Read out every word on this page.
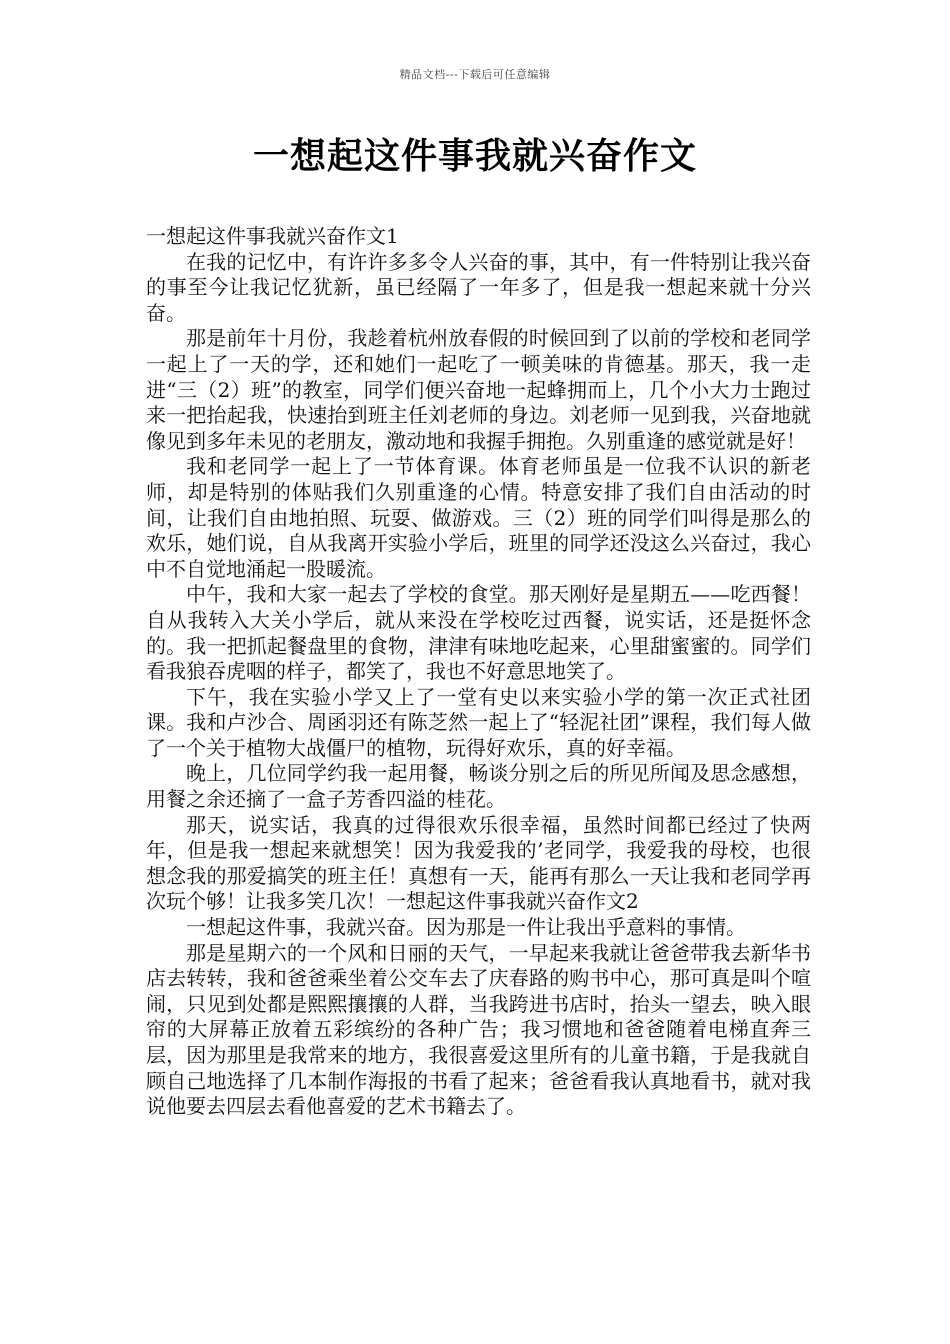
精品文档---下载后可任意编辑
一想起这件事我就兴奋作文

一想起这件事我就兴奋作文1

在我的记忆中，有许许多多令人兴奋的事，其中，有一件特别让我兴奋的事至今让我记忆犹新，虽已经隔了一年多了，但是我一想起来就十分兴奋。

那是前年十月份，我趁着杭州放春假的时候回到了以前的学校和老同学一起上了一天的学，还和她们一起吃了一顿美味的肯德基。那天，我一走进“三（2）班”的教室，同学们便兴奋地一起蜂拥而上，几个小大力士跑过来一把抬起我，快速抬到班主任刘老师的身边。刘老师一见到我，兴奋地就像见到多年未见的老朋友，激动地和我握手拥抱。久别重逢的感觉就是好！

我和老同学一起上了一节体育课。体育老师虽是一位我不认识的新老师，却是特别的体贴我们久别重逢的心情。特意安排了我们自由活动的时间，让我们自由地拍照、玩耍、做游戏。三（2）班的同学们叫得是那么的欢乐，她们说，自从我离开实验小学后，班里的同学还没这么兴奋过，我心中不自觉地涌起一股暖流。

中午，我和大家一起去了学校的食堂。那天刚好是星期五——吃西餐！自从我转入大关小学后，就从来没在学校吃过西餐，说实话，还是挺怀念的。我一把抓起餐盘里的食物，津津有味地吃起来，心里甜蜜蜜的。同学们看我狼吞虎咽的样子，都笑了，我也不好意思地笑了。

下午，我在实验小学又上了一堂有史以来实验小学的第一次正式社团课。我和卢沙合、周函羽还有陈芝然一起上了“轻泥社团”课程，我们每人做了一个关于植物大战僵尸的植物，玩得好欢乐，真的好幸福。

晚上，几位同学约我一起用餐，畅谈分别之后的所见所闻及思念感想，用餐之余还摘了一盒子芳香四溢的桂花。

那天，说实话，我真的过得很欢乐很幸福，虽然时间都已经过了快两年，但是我一想起来就想笑！因为我爱我的’老同学，我爱我的母校，也很想念我的那爱搞笑的班主任！真想有一天，能再有那么一天让我和老同学再次玩个够！让我多笑几次！一想起这件事我就兴奋作文2

一想起这件事，我就兴奋。因为那是一件让我出乎意料的事情。

那是星期六的一个风和日丽的天气，一早起来我就让爸爸带我去新华书店去转转，我和爸爸乘坐着公交车去了庆春路的购书中心，那可真是叫个喧闹，只见到处都是熙熙攘攘的人群，当我跨进书店时，抬头一望去，映入眼帘的大屏幕正放着五彩缤纷的各种广告；我习惯地和爸爸随着电梯直奔三层，因为那里是我常来的地方，我很喜爱这里所有的儿童书籍，于是我就自顾自己地选择了几本制作海报的书看了起来；爸爸看我认真地看书，就对我说他要去四层去看他喜爱的艺术书籍去了。
